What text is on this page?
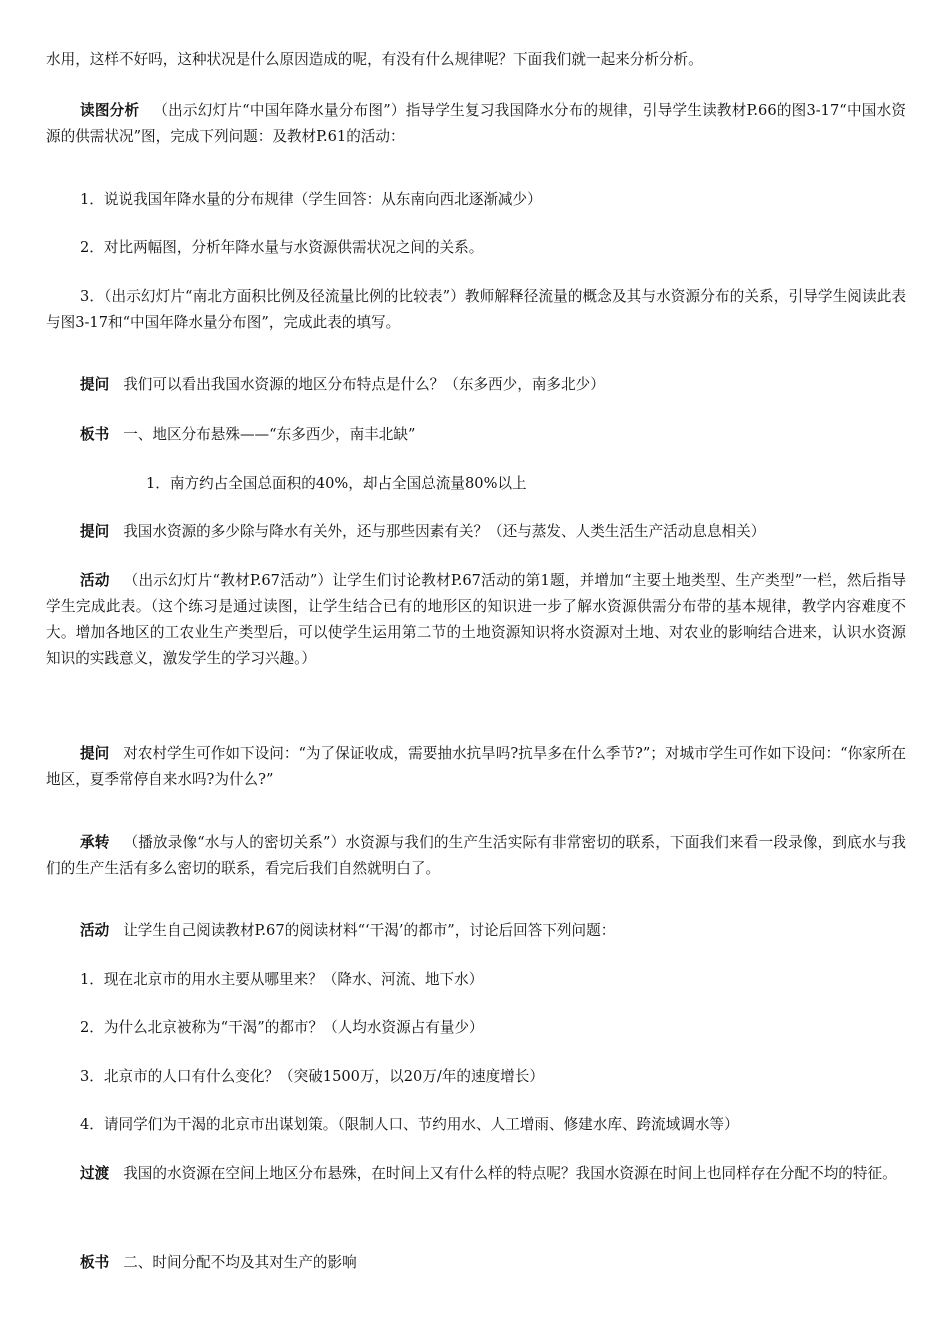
水用，这样不好吗，这种状况是什么原因造成的呢，有没有什么规律呢？下面我们就一起来分析分析。

读图分析 （出示幻灯片“中国年降水量分布图”）指导学生复习我国降水分布的规律，引导学生读教材P.66的图3-17“中国水资源的供需状况”图，完成下列问题：及教材P.61的活动：

1．说说我国年降水量的分布规律（学生回答：从东南向西北逐渐减少）

2．对比两幅图，分析年降水量与水资源供需状况之间的关系。

3．（出示幻灯片“南北方面积比例及径流量比例的比较表”）教师解释径流量的概念及其与水资源分布的关系，引导学生阅读此表与图3-17和“中国年降水量分布图”，完成此表的填写。

提问 我们可以看出我国水资源的地区分布特点是什么？（东多西少，南多北少）

板书 一、地区分布悬殊——“东多西少，南丰北缺”

1．南方约占全国总面积的40%，却占全国总流量80%以上

提问 我国水资源的多少除与降水有关外，还与那些因素有关？（还与蒸发、人类生活生产活动息息相关）

活动 （出示幻灯片“教材P.67活动”）让学生们讨论教材P.67活动的第1题，并增加“主要土地类型、生产类型”一栏，然后指导学生完成此表。（这个练习是通过读图，让学生结合已有的地形区的知识进一步了解水资源供需分布带的基本规律，教学内容难度不大。增加各地区的工农业生产类型后，可以使学生运用第二节的土地资源知识将水资源对土地、对农业的影响结合进来，认识水资源知识的实践意义，激发学生的学习兴趣。）

提问 对农村学生可作如下设问：“为了保证收成，需要抽水抗旱吗?抗旱多在什么季节?”；对城市学生可作如下设问：“你家所在地区，夏季常停自来水吗?为什么?”

承转 （播放录像“水与人的密切关系”）水资源与我们的生产生活实际有非常密切的联系，下面我们来看一段录像，到底水与我们的生产生活有多么密切的联系，看完后我们自然就明白了。

活动 让学生自己阅读教材P.67的阅读材料“‘干渴’的都市”，讨论后回答下列问题：

1．现在北京市的用水主要从哪里来？（降水、河流、地下水）

2．为什么北京被称为“干渴”的都市？（人均水资源占有量少）

3．北京市的人口有什么变化？（突破1500万，以20万/年的速度增长）

4．请同学们为干渴的北京市出谋划策。（限制人口、节约用水、人工增雨、修建水库、跨流域调水等）

过渡 我国的水资源在空间上地区分布悬殊，在时间上又有什么样的特点呢？我国水资源在时间上也同样存在分配不均的特征。

板书 二、时间分配不均及其对生产的影响
